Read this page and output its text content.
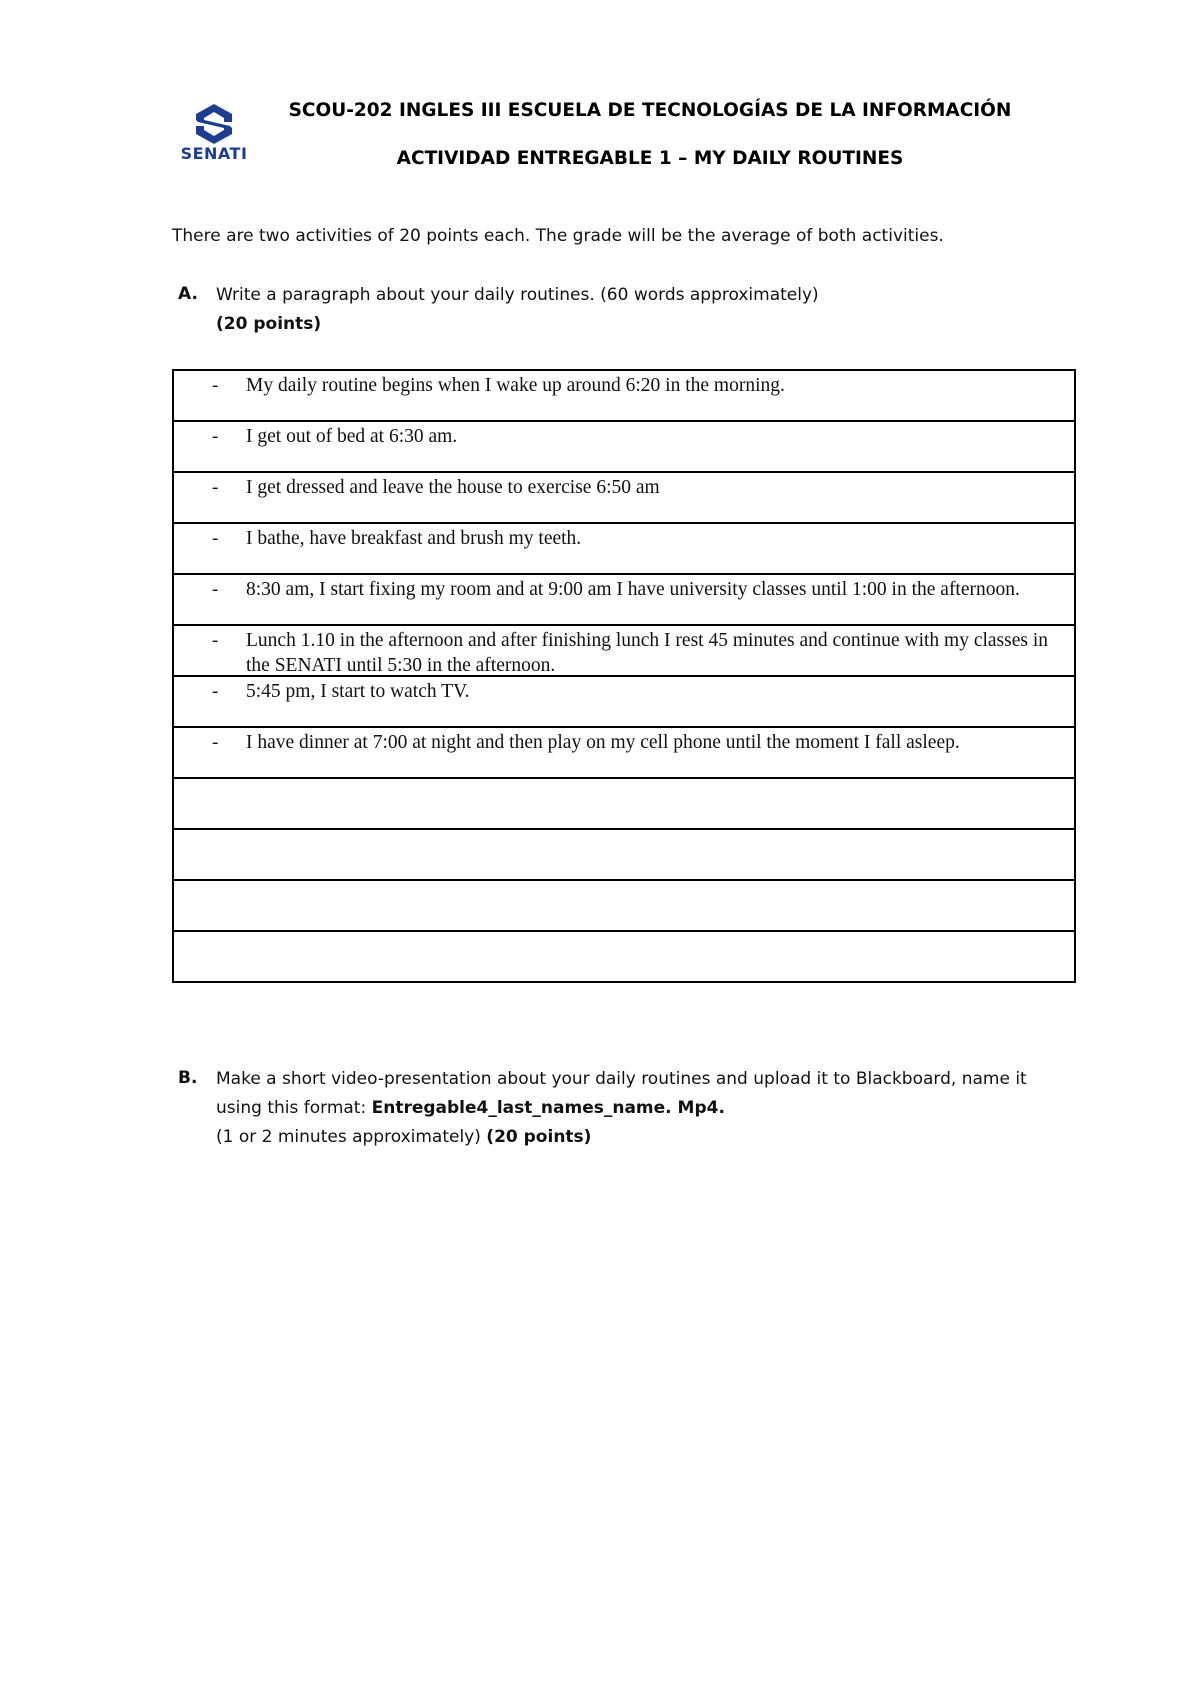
SENATI
SCOU-202 INGLES III ESCUELA DE TECNOLOGÍAS DE LA INFORMACIÓN
ACTIVIDAD ENTREGABLE 1 – MY DAILY ROUTINES
There are two activities of 20 points each. The grade will be the average of both activities.
A. Write a paragraph about your daily routines. (60 words approximately)
(20 points)
- My daily routine begins when I wake up around 6:20 in the morning.
- I get out of bed at 6:30 am.
- I get dressed and leave the house to exercise 6:50 am
- I bathe, have breakfast and brush my teeth.
- 8:30 am, I start fixing my room and at 9:00 am I have university classes until 1:00 in the afternoon.
- Lunch 1.10 in the afternoon and after finishing lunch I rest 45 minutes and continue with my classes in the SENATI until 5:30 in the afternoon.
- 5:45 pm, I start to watch TV.
- I have dinner at 7:00 at night and then play on my cell phone until the moment I fall asleep.
B. Make a short video-presentation about your daily routines and upload it to Blackboard, name it
using this format: Entregable4_last_names_name. Mp4.
(1 or 2 minutes approximately) (20 points)
